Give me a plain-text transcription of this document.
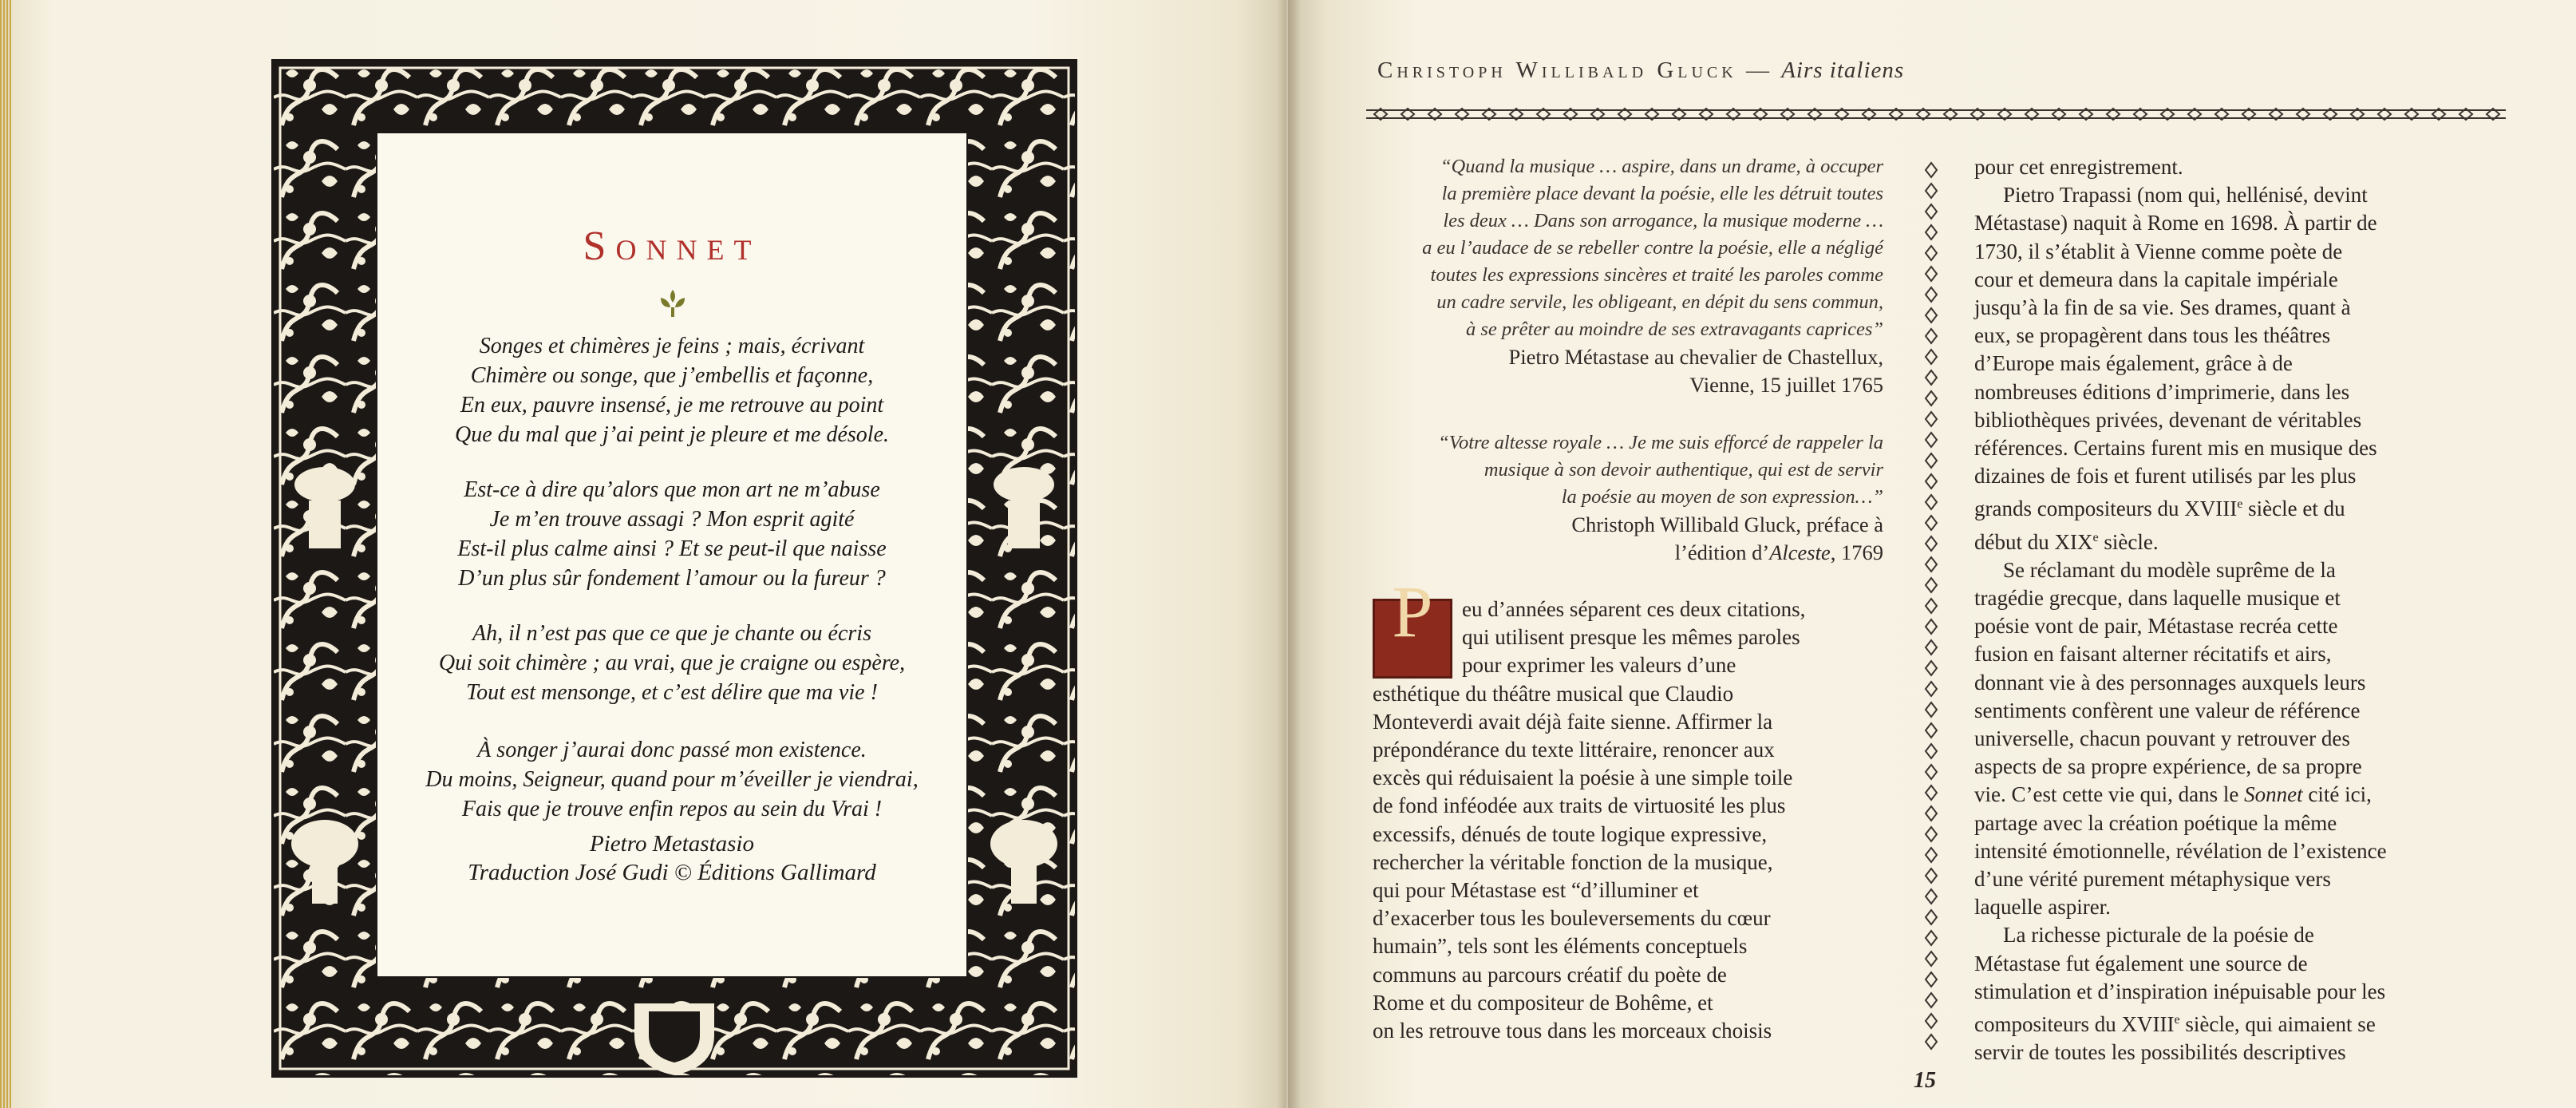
Sonnet
Songes et chimères je feins ; mais, écrivant
Chimère ou songe, que j’embellis et façonne,
En eux, pauvre insensé, je me retrouve au point
Que du mal que j’ai peint je pleure et me désole.
Est-ce à dire qu’alors que mon art ne m’abuse
Je m’en trouve assagi ? Mon esprit agité
Est-il plus calme ainsi ? Et se peut-il que naisse
D’un plus sûr fondement l’amour ou la fureur ?
Ah, il n’est pas que ce que je chante ou écris
Qui soit chimère ; au vrai, que je craigne ou espère,
Tout est mensonge, et c’est délire que ma vie !
À songer j’aurai donc passé mon existence.
Du moins, Seigneur, quand pour m’éveiller je viendrai,
Fais que je trouve enfin repos au sein du Vrai !
Pietro Metastasio
Traduction José Gudi © Éditions Gallimard
Christoph Willibald Gluck — Airs italiens
“Quand la musique … aspire, dans un drame, à occuper
la première place devant la poésie, elle les détruit toutes
les deux … Dans son arrogance, la musique moderne …
a eu l’audace de se rebeller contre la poésie, elle a négligé
toutes les expressions sincères et traité les paroles comme
un cadre servile, les obligeant, en dépit du sens commun,
à se prêter au moindre de ses extravagants caprices”
Pietro Métastase au chevalier de Chastellux,
Vienne, 15 juillet 1765
“Votre altesse royale … Je me suis efforcé de rappeler la
musique à son devoir authentique, qui est de servir
la poésie au moyen de son expression…”
Christoph Willibald Gluck, préface à
l’édition d’Alceste, 1769
P	eu d’années séparent ces deux citations,
qui utilisent presque les mêmes paroles
pour exprimer les valeurs d’une
esthétique du théâtre musical que Claudio
Monteverdi avait déjà faite sienne. Affirmer la
prépondérance du texte littéraire, renoncer aux
excès qui réduisaient la poésie à une simple toile
de fond inféodée aux traits de virtuosité les plus
excessifs, dénués de toute logique expressive,
rechercher la véritable fonction de la musique,
qui pour Métastase est “d’illuminer et
d’exacerber tous les bouleversements du cœur
humain”, tels sont les éléments conceptuels
communs au parcours créatif du poète de
Rome et du compositeur de Bohême, et
on les retrouve tous dans les morceaux choisis
pour cet enregistrement.
Pietro Trapassi (nom qui, hellénisé, devint
Métastase) naquit à Rome en 1698. À partir de
1730, il s’établit à Vienne comme poète de
cour et demeura dans la capitale impériale
jusqu’à la fin de sa vie. Ses drames, quant à
eux, se propagèrent dans tous les théâtres
d’Europe mais également, grâce à de
nombreuses éditions d’imprimerie, dans les
bibliothèques privées, devenant de véritables
références. Certains furent mis en musique des
dizaines de fois et furent utilisés par les plus
grands compositeurs du XVIIIe siècle et du
début du XIXe siècle.
Se réclamant du modèle suprême de la
tragédie grecque, dans laquelle musique et
poésie vont de pair, Métastase recréa cette
fusion en faisant alterner récitatifs et airs,
donnant vie à des personnages auxquels leurs
sentiments confèrent une valeur de référence
universelle, chacun pouvant y retrouver des
aspects de sa propre expérience, de sa propre
vie. C’est cette vie qui, dans le Sonnet cité ici,
partage avec la création poétique la même
intensité émotionnelle, révélation de l’existence
d’une vérité purement métaphysique vers
laquelle aspirer.
La richesse picturale de la poésie de
Métastase fut également une source de
stimulation et d’inspiration inépuisable pour les
compositeurs du XVIIIe siècle, qui aimaient se
servir de toutes les possibilités descriptives
15
